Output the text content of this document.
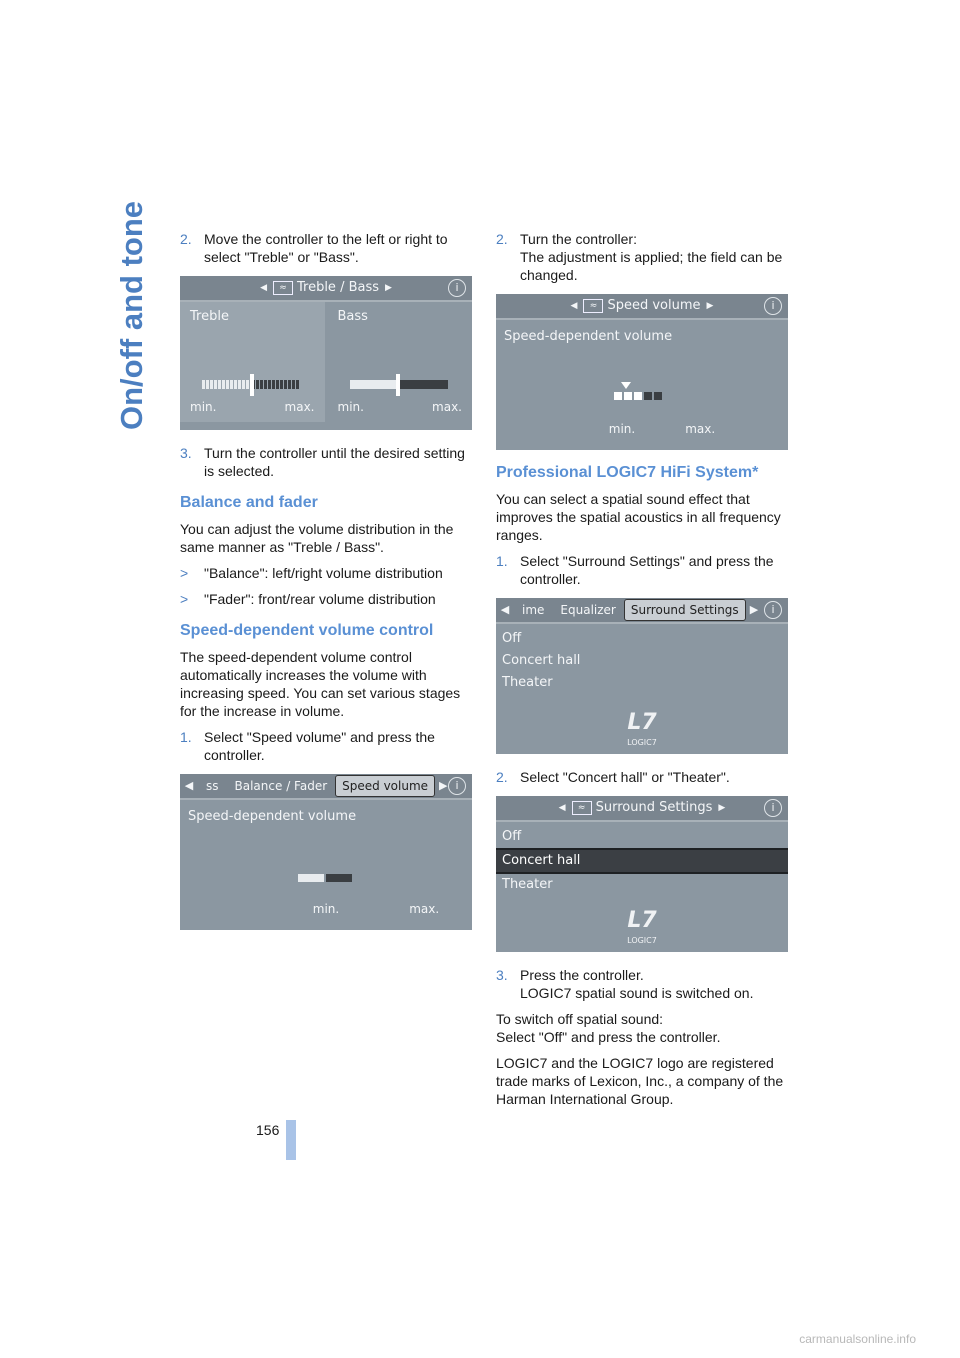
On/off and tone 2. Move the controller to the left or right to select "Treble" or "Bass".
◀	≈ Treble / Bass ▶	i
Treble
min.	max.
Bass
min.	max.
3. Turn the controller until the desired setting is selected.
Balance and fader

You can adjust the volume distribution in the same manner as "Treble / Bass".

>	"Balance": left/right volume distribution
>	"Fader": front/rear volume distribution
Speed-dependent volume control

The speed-dependent volume control automatically increases the volume with increasing speed. You can set various stages for the increase in volume.

1. Select "Speed volume" and press the controller.
◀	ss	Balance / Fader	Speed volume	▶ i
Speed-dependent volume
min.	max.
2. Turn the controller:
The adjustment is applied; the field can be changed.
◀	≈ Speed volume ▶	i
Speed-dependent volume
min.	max.
Professional LOGIC7 HiFi System*

You can select a spatial sound effect that improves the spatial acoustics in all frequency ranges.

1. Select "Surround Settings" and press the controller.
◀	ime	Equalizer	Surround Settings	▶	i
Off
Concert hall
Theater
L7
LOGIC7
2. Select "Concert hall" or "Theater".
◀	≈ Surround Settings ▶	i
Off
Concert hall
Theater
L7
LOGIC7
3. Press the controller.
LOGIC7 spatial sound is switched on.

To switch off spatial sound:
Select "Off" and press the controller.

LOGIC7 and the LOGIC7 logo are registered trade marks of Lexicon, Inc., a company of the Harman International Group.

156
carmanualsonline.info
